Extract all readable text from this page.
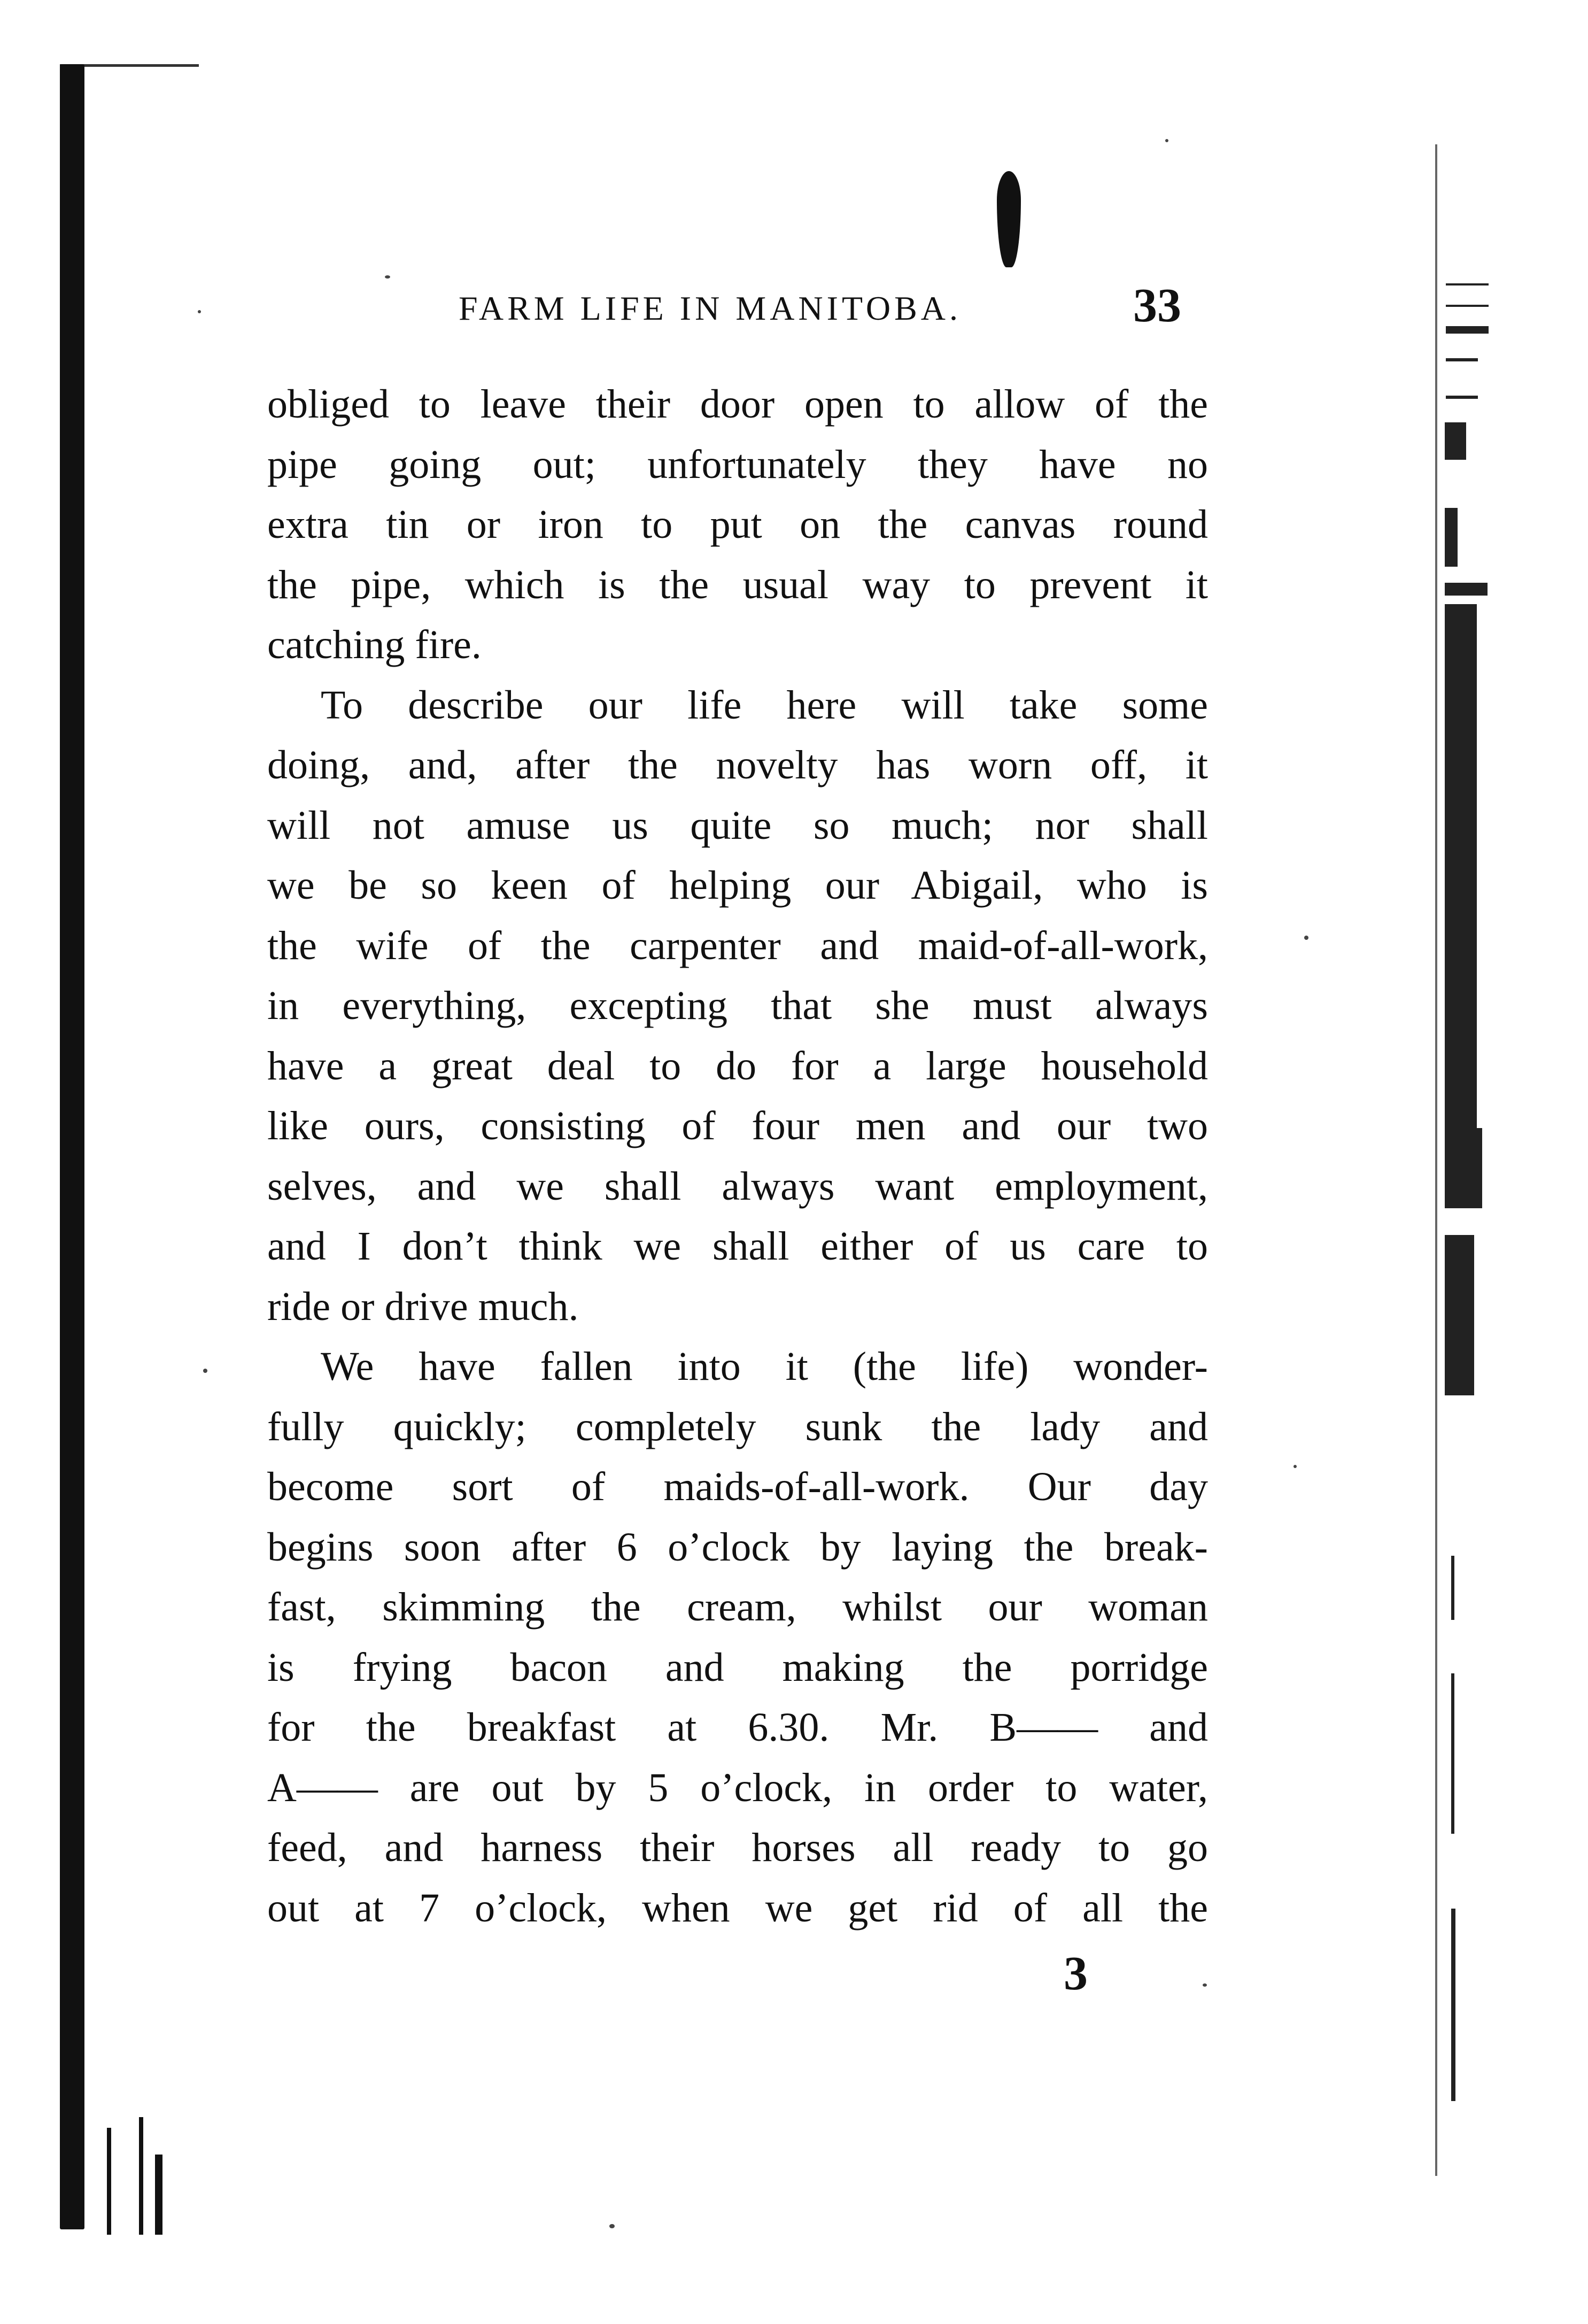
FARM LIFE IN MANITOBA.	33
obliged to leave their door open to allow of the
pipe going out; unfortunately they have no
extra tin or iron to put on the canvas round
the pipe, which is the usual way to prevent it
catching fire.
To describe our life here will take some
doing, and, after the novelty has worn off, it
will not amuse us quite so much; nor shall
we be so keen of helping our Abigail, who is
the wife of the carpenter and maid-of-all-work,
in everything, excepting that she must always
have a great deal to do for a large household
like ours, consisting of four men and our two
selves, and we shall always want employment,
and I don’t think we shall either of us care to
ride or drive much.
We have fallen into it (the life) wonder-
fully quickly; completely sunk the lady and
become sort of maids-of-all-work. Our day
begins soon after 6 o’clock by laying the break-
fast, skimming the cream, whilst our woman
is frying bacon and making the porridge
for the breakfast at 6.30. Mr. B—— and
A—— are out by 5 o’clock, in order to water,
feed, and harness their horses all ready to go
out at 7 o’clock, when we get rid of all the
3
